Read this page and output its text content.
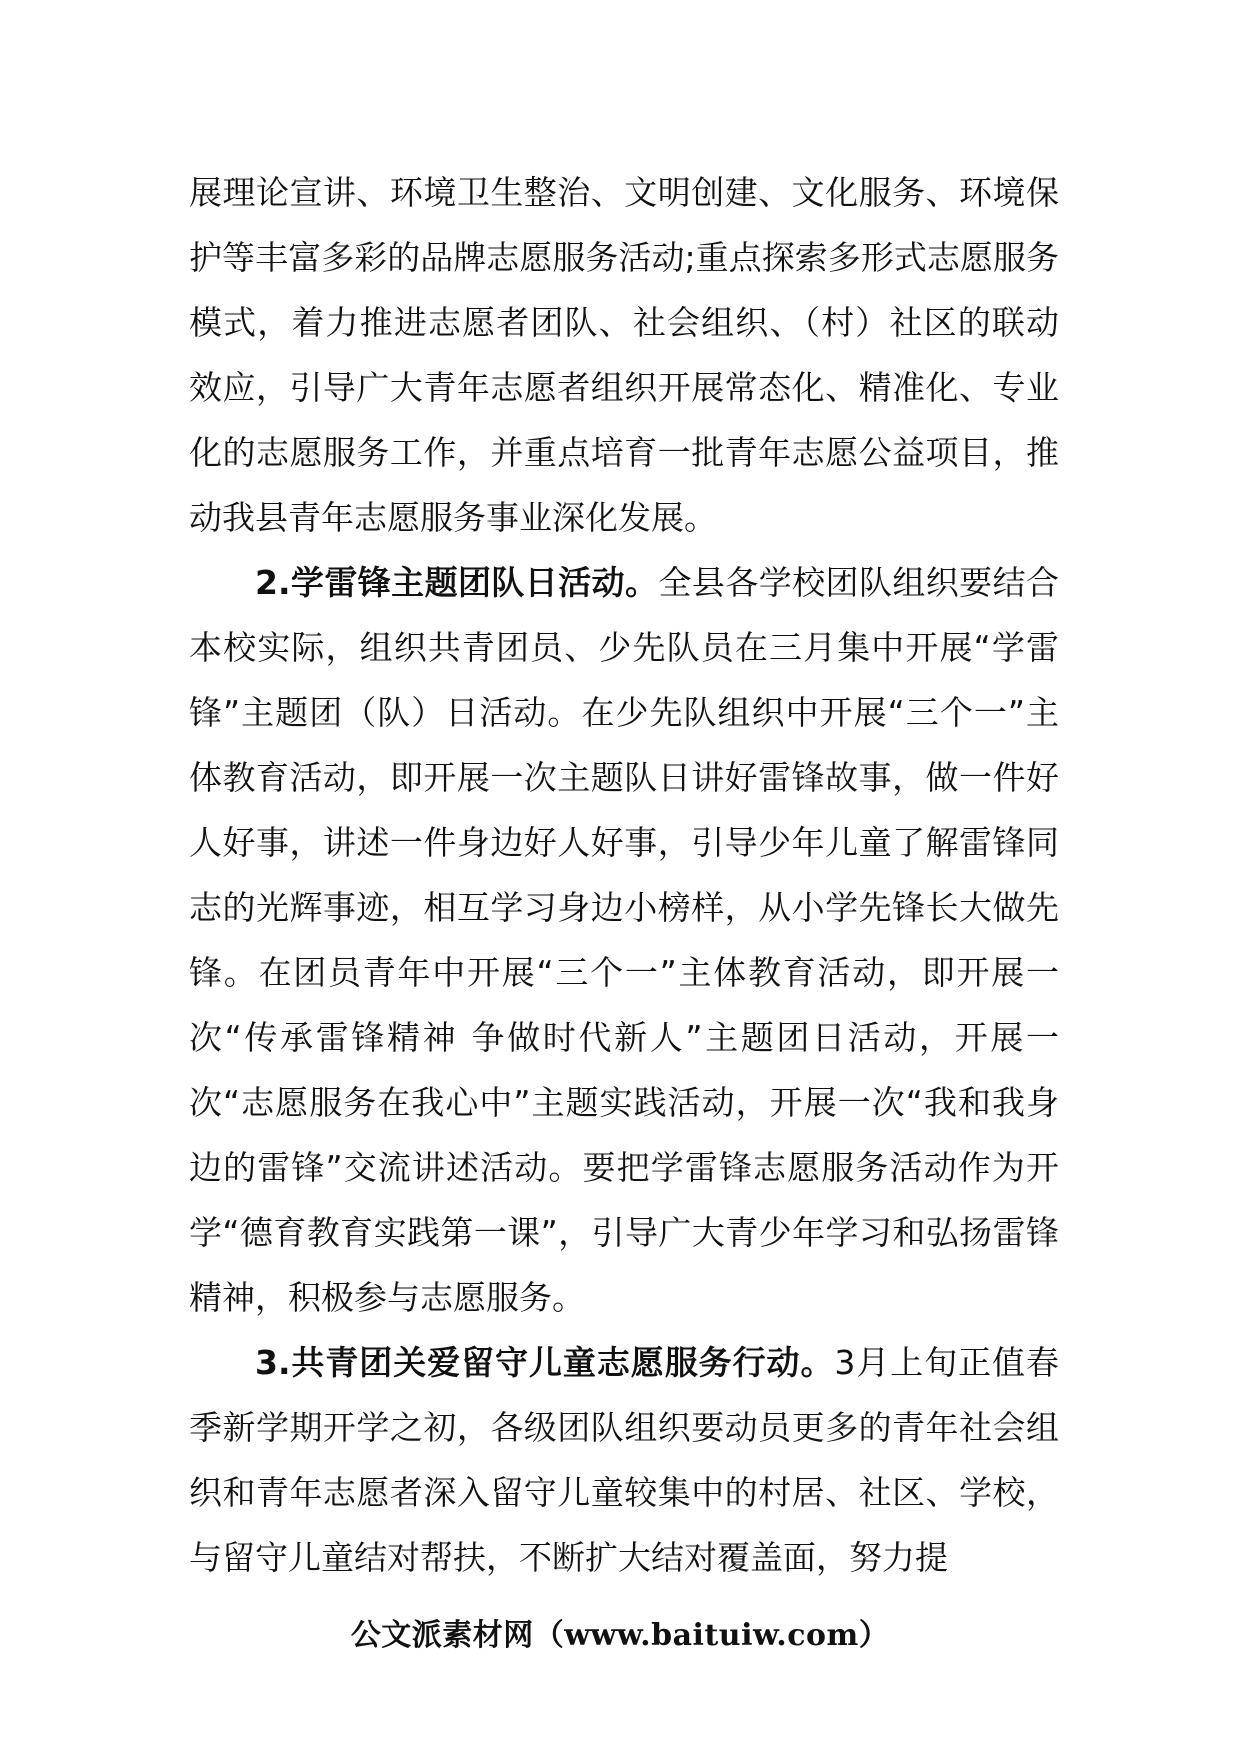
展理论宣讲、环境卫生整治、文明创建、文化服务、环境保护等丰富多彩的品牌志愿服务活动;重点探索多形式志愿服务模式，着力推进志愿者团队、社会组织、（村）社区的联动效应，引导广大青年志愿者组织开展常态化、精准化、专业化的志愿服务工作，并重点培育一批青年志愿公益项目，推动我县青年志愿服务事业深化发展。

2.学雷锋主题团队日活动。全县各学校团队组织要结合本校实际，组织共青团员、少先队员在三月集中开展“学雷锋”主题团（队）日活动。在少先队组织中开展“三个一”主体教育活动，即开展一次主题队日讲好雷锋故事，做一件好人好事，讲述一件身边好人好事，引导少年儿童了解雷锋同志的光辉事迹，相互学习身边小榜样，从小学先锋长大做先锋。在团员青年中开展“三个一”主体教育活动，即开展一次“传承雷锋精神 争做时代新人”主题团日活动，开展一次“志愿服务在我心中”主题实践活动，开展一次“我和我身边的雷锋”交流讲述活动。要把学雷锋志愿服务活动作为开学“德育教育实践第一课”，引导广大青少年学习和弘扬雷锋精神，积极参与志愿服务。

3.共青团关爱留守儿童志愿服务行动。3月上旬正值春季新学期开学之初，各级团队组织要动员更多的青年社会组织和青年志愿者深入留守儿童较集中的村居、社区、学校，与留守儿童结对帮扶，不断扩大结对覆盖面，努力提

公文派素材网（www.baituiw.com）
